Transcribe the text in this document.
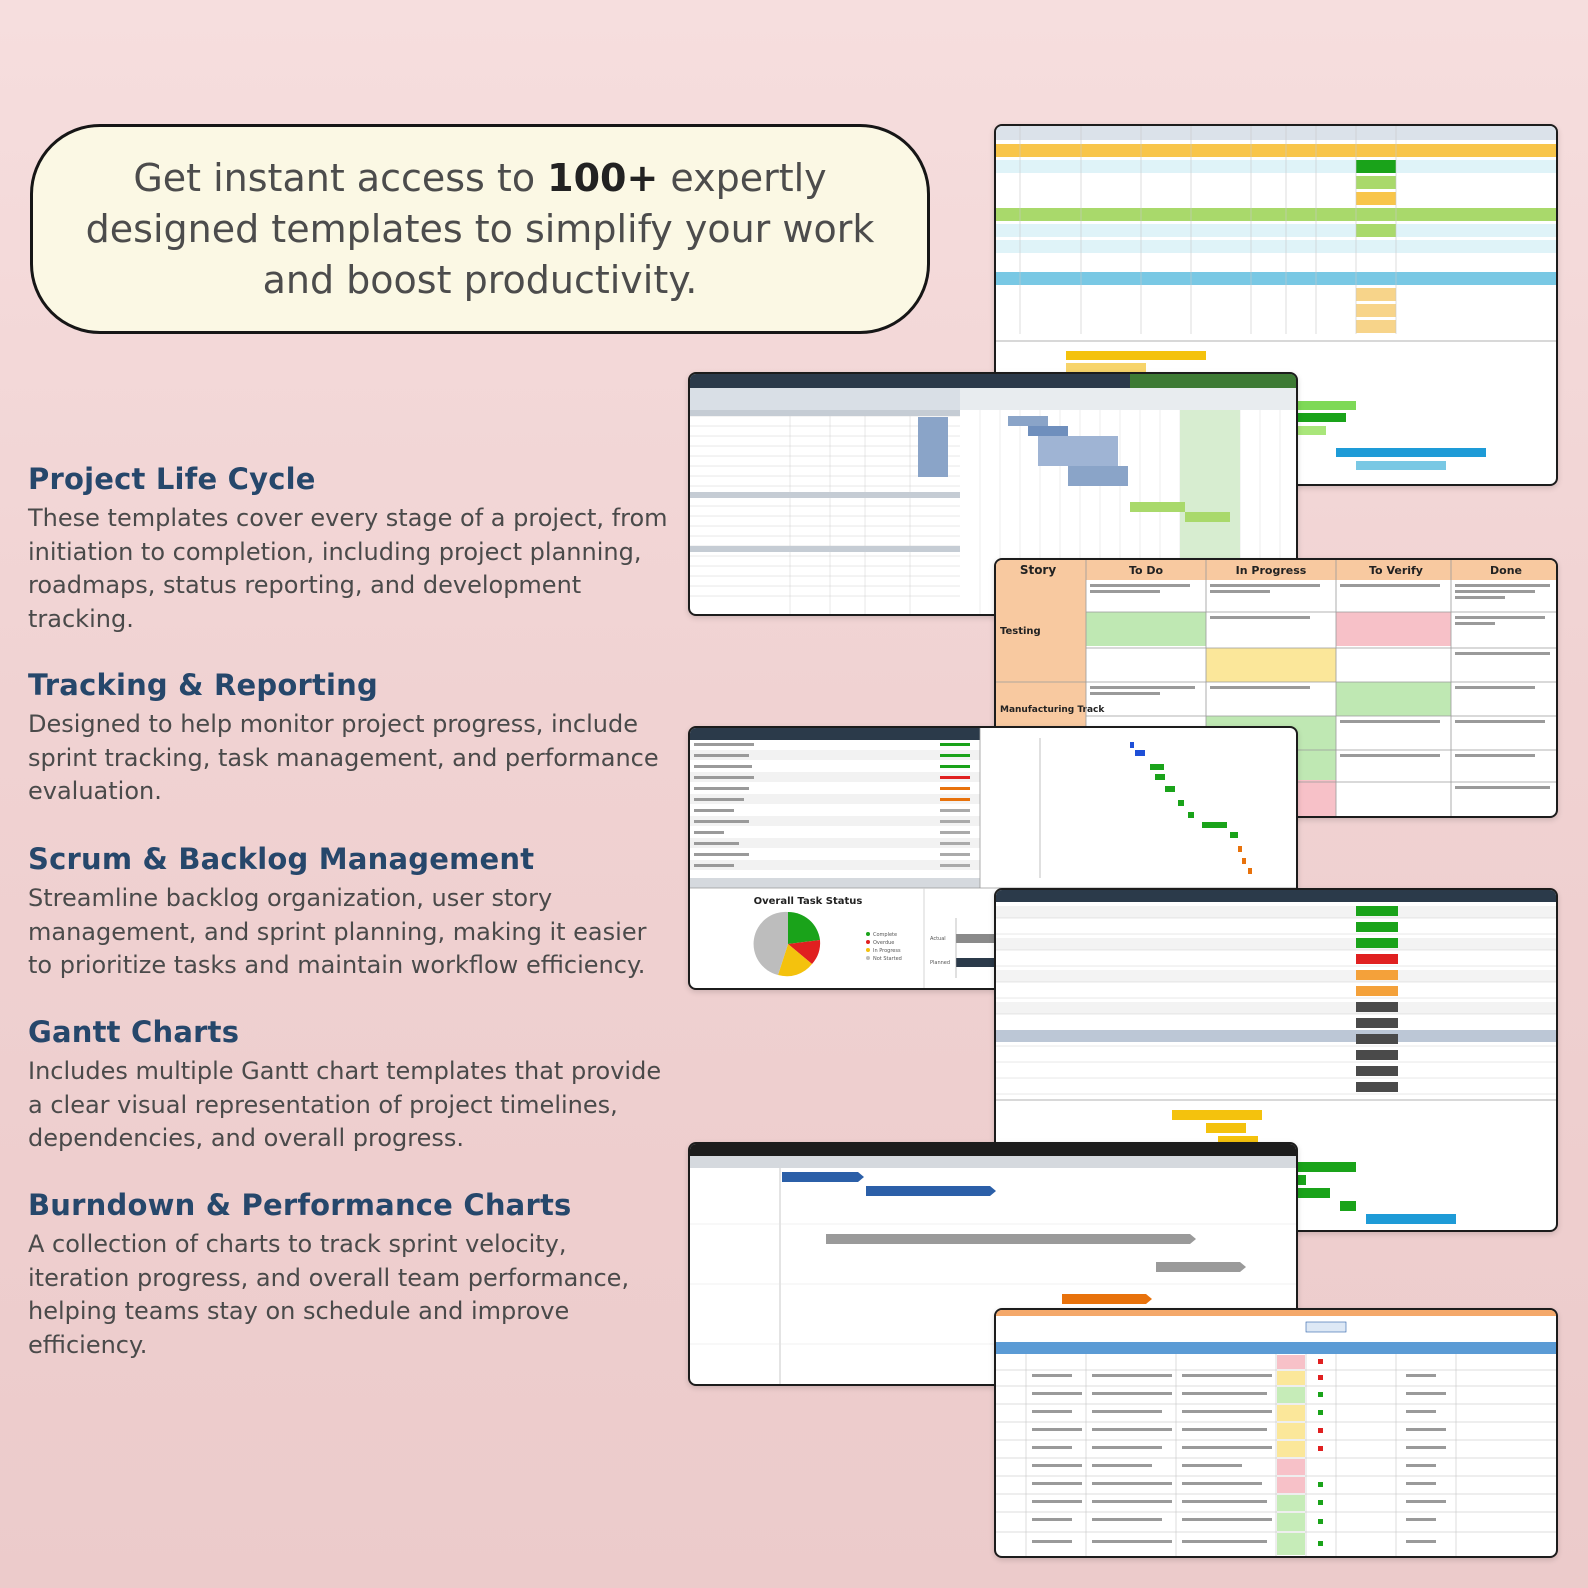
Get instant access to 100+ expertly designed templates to simplify your work and boost productivity.

Project Life Cycle

These templates cover every stage of a project, from initiation to completion, including project planning, roadmaps, status reporting, and development tracking.

Tracking & Reporting

Designed to help monitor project progress, include sprint tracking, task management, and performance evaluation.

Scrum & Backlog Management

Streamline backlog organization, user story management, and sprint planning, making it easier to prioritize tasks and maintain workflow efficiency.

Gantt Charts

Includes multiple Gantt chart templates that provide a clear visual representation of project timelines, dependencies, and overall progress.

Burndown & Performance Charts

A collection of charts to track sprint velocity, iteration progress, and overall team performance, helping teams stay on schedule and improve efficiency.

Story	To Do	In Progress	To Verify	Done
Testing
Manufacturing Track
Overall Task Status
Complete
Overdue
In Progress
Not Started
Actual
Planned
